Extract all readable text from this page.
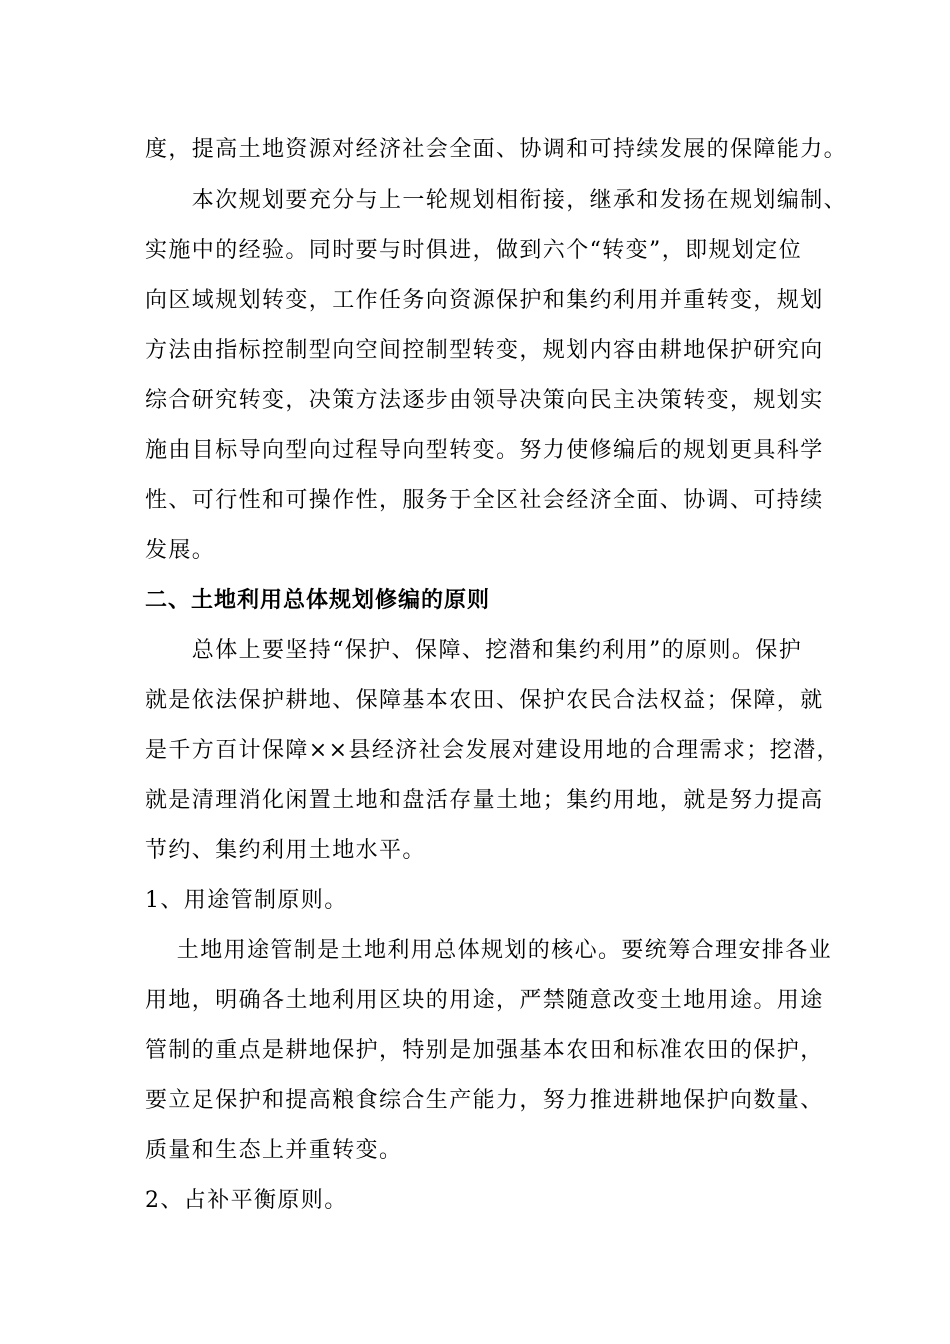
度，提高土地资源对经济社会全面、协调和可持续发展的保障能力。
　　本次规划要充分与上一轮规划相衔接，继承和发扬在规划编制、
实施中的经验。同时要与时俱进，做到六个“转变”，即规划定位
向区域规划转变，工作任务向资源保护和集约利用并重转变，规划
方法由指标控制型向空间控制型转变，规划内容由耕地保护研究向
综合研究转变，决策方法逐步由领导决策向民主决策转变，规划实
施由目标导向型向过程导向型转变。努力使修编后的规划更具科学
性、可行性和可操作性，服务于全区社会经济全面、协调、可持续
发展。
二、土地利用总体规划修编的原则
　　总体上要坚持“保护、保障、挖潜和集约利用”的原则。保护
就是依法保护耕地、保障基本农田、保护农民合法权益；保障，就
是千方百计保障××县经济社会发展对建设用地的合理需求；挖潜，
就是清理消化闲置土地和盘活存量土地；集约用地，就是努力提高
节约、集约利用土地水平。
1、用途管制原则。
　 土地用途管制是土地利用总体规划的核心。要统筹合理安排各业
用地，明确各土地利用区块的用途，严禁随意改变土地用途。用途
管制的重点是耕地保护，特别是加强基本农田和标准农田的保护，
要立足保护和提高粮食综合生产能力，努力推进耕地保护向数量、
质量和生态上并重转变。
2、占补平衡原则。
